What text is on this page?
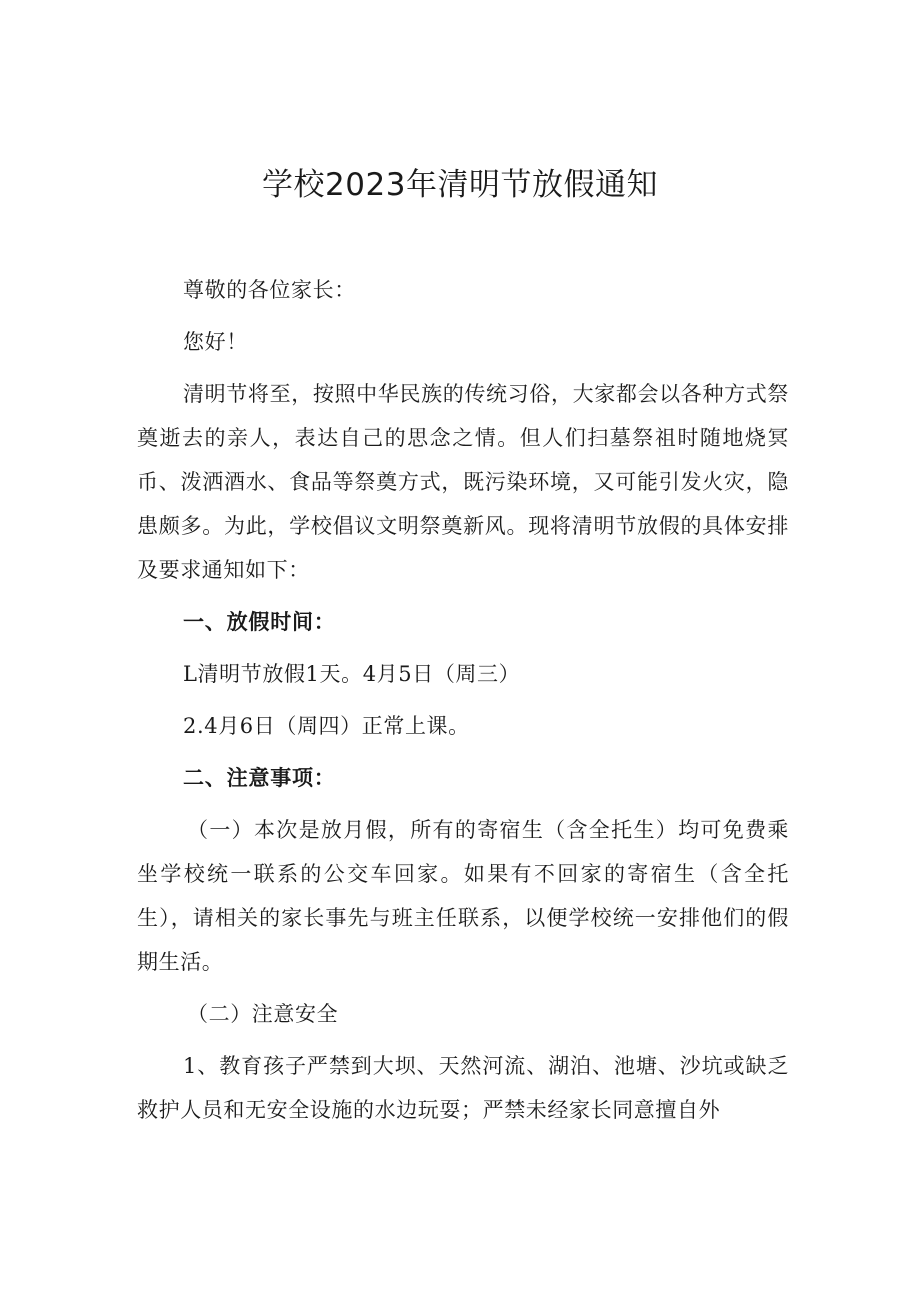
学校2023年清明节放假通知

尊敬的各位家长：

您好！

清明节将至，按照中华民族的传统习俗，大家都会以各种方式祭奠逝去的亲人，表达自己的思念之情。但人们扫墓祭祖时随地烧冥币、泼洒酒水、食品等祭奠方式，既污染环境，又可能引发火灾，隐患颇多。为此，学校倡议文明祭奠新风。现将清明节放假的具体安排及要求通知如下：

一、放假时间：

L清明节放假1天。4月5日（周三）

2.4月6日（周四）正常上课。

二、注意事项：

（一）本次是放月假，所有的寄宿生（含全托生）均可免费乘坐学校统一联系的公交车回家。如果有不回家的寄宿生（含全托生），请相关的家长事先与班主任联系，以便学校统一安排他们的假期生活。

（二）注意安全

1、教育孩子严禁到大坝、天然河流、湖泊、池塘、沙坑或缺乏救护人员和无安全设施的水边玩耍；严禁未经家长同意擅自外
